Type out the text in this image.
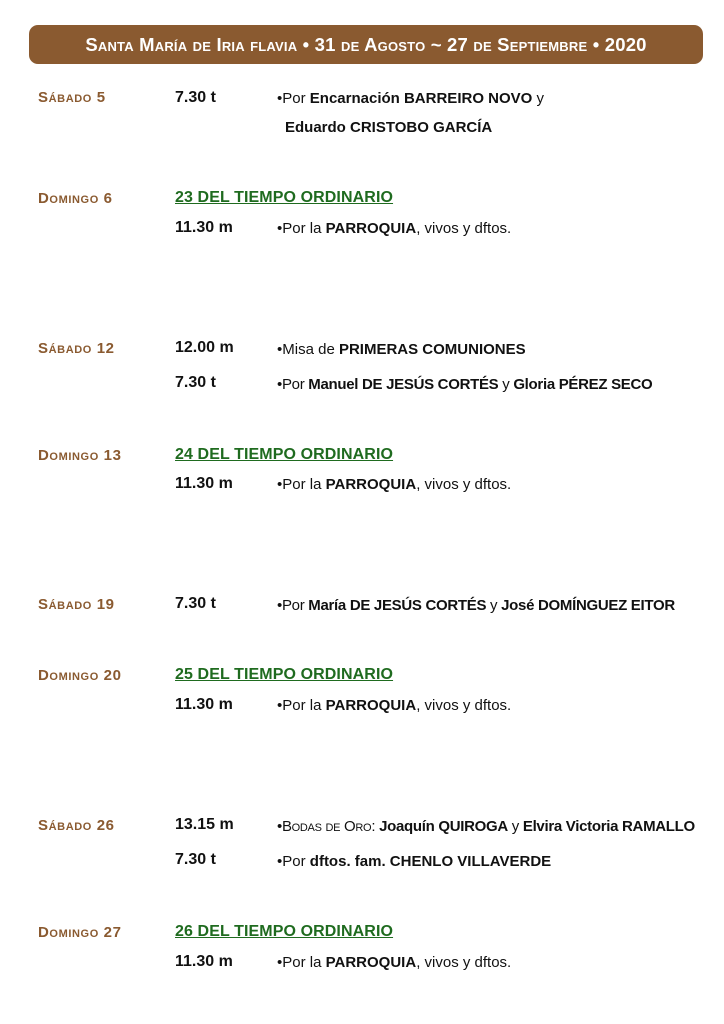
Santa María de Iria flavia • 31 de Agosto ~ 27 de Septiembre • 2020
Sábado 5	7.30 t	•Por Encarnación BARREIRO NOVO y
Eduardo CRISTOBO GARCÍA
Domingo 6	23 DEL TIEMPO ORDINARIO
11.30 m	•Por la PARROQUIA, vivos y dftos.
Sábado 12	12.00 m	•Misa de PRIMERAS COMUNIONES
7.30 t	•Por Manuel DE JESÚS CORTÉS y Gloria PÉREZ SECO
Domingo 13	24 DEL TIEMPO ORDINARIO
11.30 m	•Por la PARROQUIA, vivos y dftos.
Sábado 19	7.30 t	•Por María DE JESÚS CORTÉS y José DOMÍNGUEZ EITOR
Domingo 20	25 DEL TIEMPO ORDINARIO
11.30 m	•Por la PARROQUIA, vivos y dftos.
Sábado 26	13.15 m	•Bodas de Oro: Joaquín QUIROGA y Elvira Victoria RAMALLO
7.30 t	•Por dftos. fam. CHENLO VILLAVERDE
Domingo 27	26 DEL TIEMPO ORDINARIO
11.30 m	•Por la PARROQUIA, vivos y dftos.
